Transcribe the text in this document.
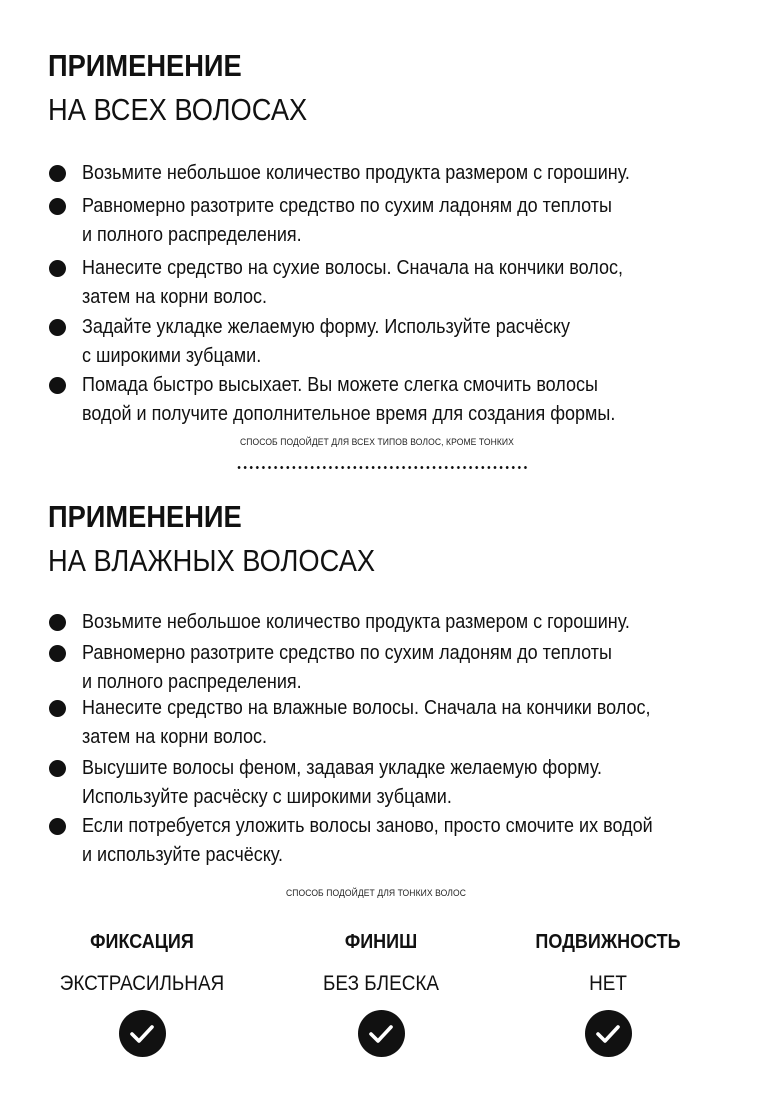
ПРИМЕНЕНИЕ
НА ВСЕХ ВОЛОСАХ
Возьмите небольшое количество продукта размером с горошину.
Равномерно разотрите средство по сухим ладоням до теплоты
и полного распределения.
Нанесите средство на сухие волосы. Сначала на кончики волос,
затем на корни волос.
Задайте укладке желаемую форму. Используйте расчёску
с широкими зубцами.
Помада быстро высыхает. Вы можете слегка смочить волосы
водой и получите дополнительное время для создания формы.
СПОСОБ ПОДОЙДЕТ ДЛЯ ВСЕХ ТИПОВ ВОЛОС, КРОМЕ ТОНКИХ
ПРИМЕНЕНИЕ
НА ВЛАЖНЫХ ВОЛОСАХ
Возьмите небольшое количество продукта размером с горошину.
Равномерно разотрите средство по сухим ладоням до теплоты
и полного распределения.
Нанесите средство на влажные волосы. Сначала на кончики волос,
затем на корни волос.
Высушите волосы феном, задавая укладке желаемую форму.
Используйте расчёску с широкими зубцами.
Если потребуется уложить волосы заново, просто смочите их водой
и используйте расчёску.
СПОСОБ ПОДОЙДЕТ ДЛЯ ТОНКИХ ВОЛОС
ФИКСАЦИЯ
ЭКСТРАСИЛЬНАЯ
ФИНИШ
БЕЗ БЛЕСКА
ПОДВИЖНОСТЬ
НЕТ
